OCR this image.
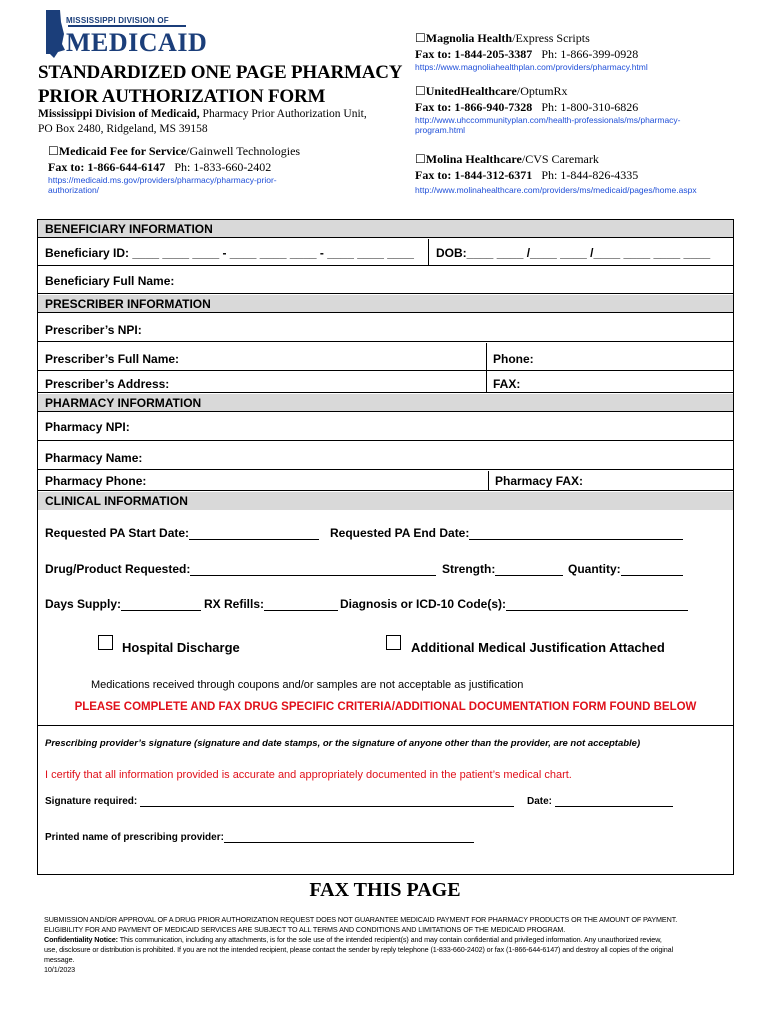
MISSISSIPPI DIVISION OF
MEDICAID
STANDARDIZED ONE PAGE PHARMACY
PRIOR AUTHORIZATION FORM
Mississippi Division of Medicaid, Pharmacy Prior Authorization Unit,
PO Box 2480, Ridgeland, MS 39158
☐Medicaid Fee for Service/Gainwell Technologies
Fax to: 1-866-644-6147 Ph: 1-833-660-2402
https://medicaid.ms.gov/providers/pharmacy/pharmacy-prior-
authorization/
☐Magnolia Health/Express Scripts
Fax to: 1-844-205-3387 Ph: 1-866-399-0928
https://www.magnoliahealthplan.com/providers/pharmacy.html
☐UnitedHealthcare/OptumRx
Fax to: 1-866-940-7328 Ph: 1-800-310-6826
http://www.uhccommunityplan.com/health-professionals/ms/pharmacy-
program.html
☐Molina Healthcare/CVS Caremark
Fax to: 1-844-312-6371 Ph: 1-844-826-4335
http://www.molinahealthcare.com/providers/ms/medicaid/pages/home.aspx
BENEFICIARY INFORMATION
Beneficiary ID: ____ ____ ____ - ____ ____ ____ - ____ ____ ____ DOB:____ ____ /____ ____ /____ ____ ____ ____
Beneficiary Full Name:
PRESCRIBER INFORMATION
Prescriber’s NPI:
Prescriber’s Full Name:	Phone:
Prescriber’s Address:	FAX:
PHARMACY INFORMATION
Pharmacy NPI:
Pharmacy Name:
Pharmacy Phone:	Pharmacy FAX:
CLINICAL INFORMATION
Requested PA Start Date:	Requested PA End Date:
Drug/Product Requested:	Strength:	Quantity:
Days Supply:	RX Refills:	Diagnosis or ICD-10 Code(s):
Hospital Discharge	Additional Medical Justification Attached
Medications received through coupons and/or samples are not acceptable as justification
PLEASE COMPLETE AND FAX DRUG SPECIFIC CRITERIA/ADDITIONAL DOCUMENTATION FORM FOUND BELOW
Prescribing provider’s signature (signature and date stamps, or the signature of anyone other than the provider, are not acceptable)
I certify that all information provided is accurate and appropriately documented in the patient’s medical chart.
Signature required:	Date:
Printed name of prescribing provider:
FAX THIS PAGE
SUBMISSION AND/OR APPROVAL OF A DRUG PRIOR AUTHORIZATION REQUEST DOES NOT GUARANTEE MEDICAID PAYMENT FOR PHARMACY PRODUCTS OR THE AMOUNT OF PAYMENT.
ELIGIBILITY FOR AND PAYMENT OF MEDICAID SERVICES ARE SUBJECT TO ALL TERMS AND CONDITIONS AND LIMITATIONS OF THE MEDICAID PROGRAM.
Confidentiality Notice: This communication, including any attachments, is for the sole use of the intended recipient(s) and may contain confidential and privileged information. Any unauthorized review,
use, disclosure or distribution is prohibited. If you are not the intended recipient, please contact the sender by reply telephone (1-833-660-2402) or fax (1-866-644-6147) and destroy all copies of the original
message.
10/1/2023
